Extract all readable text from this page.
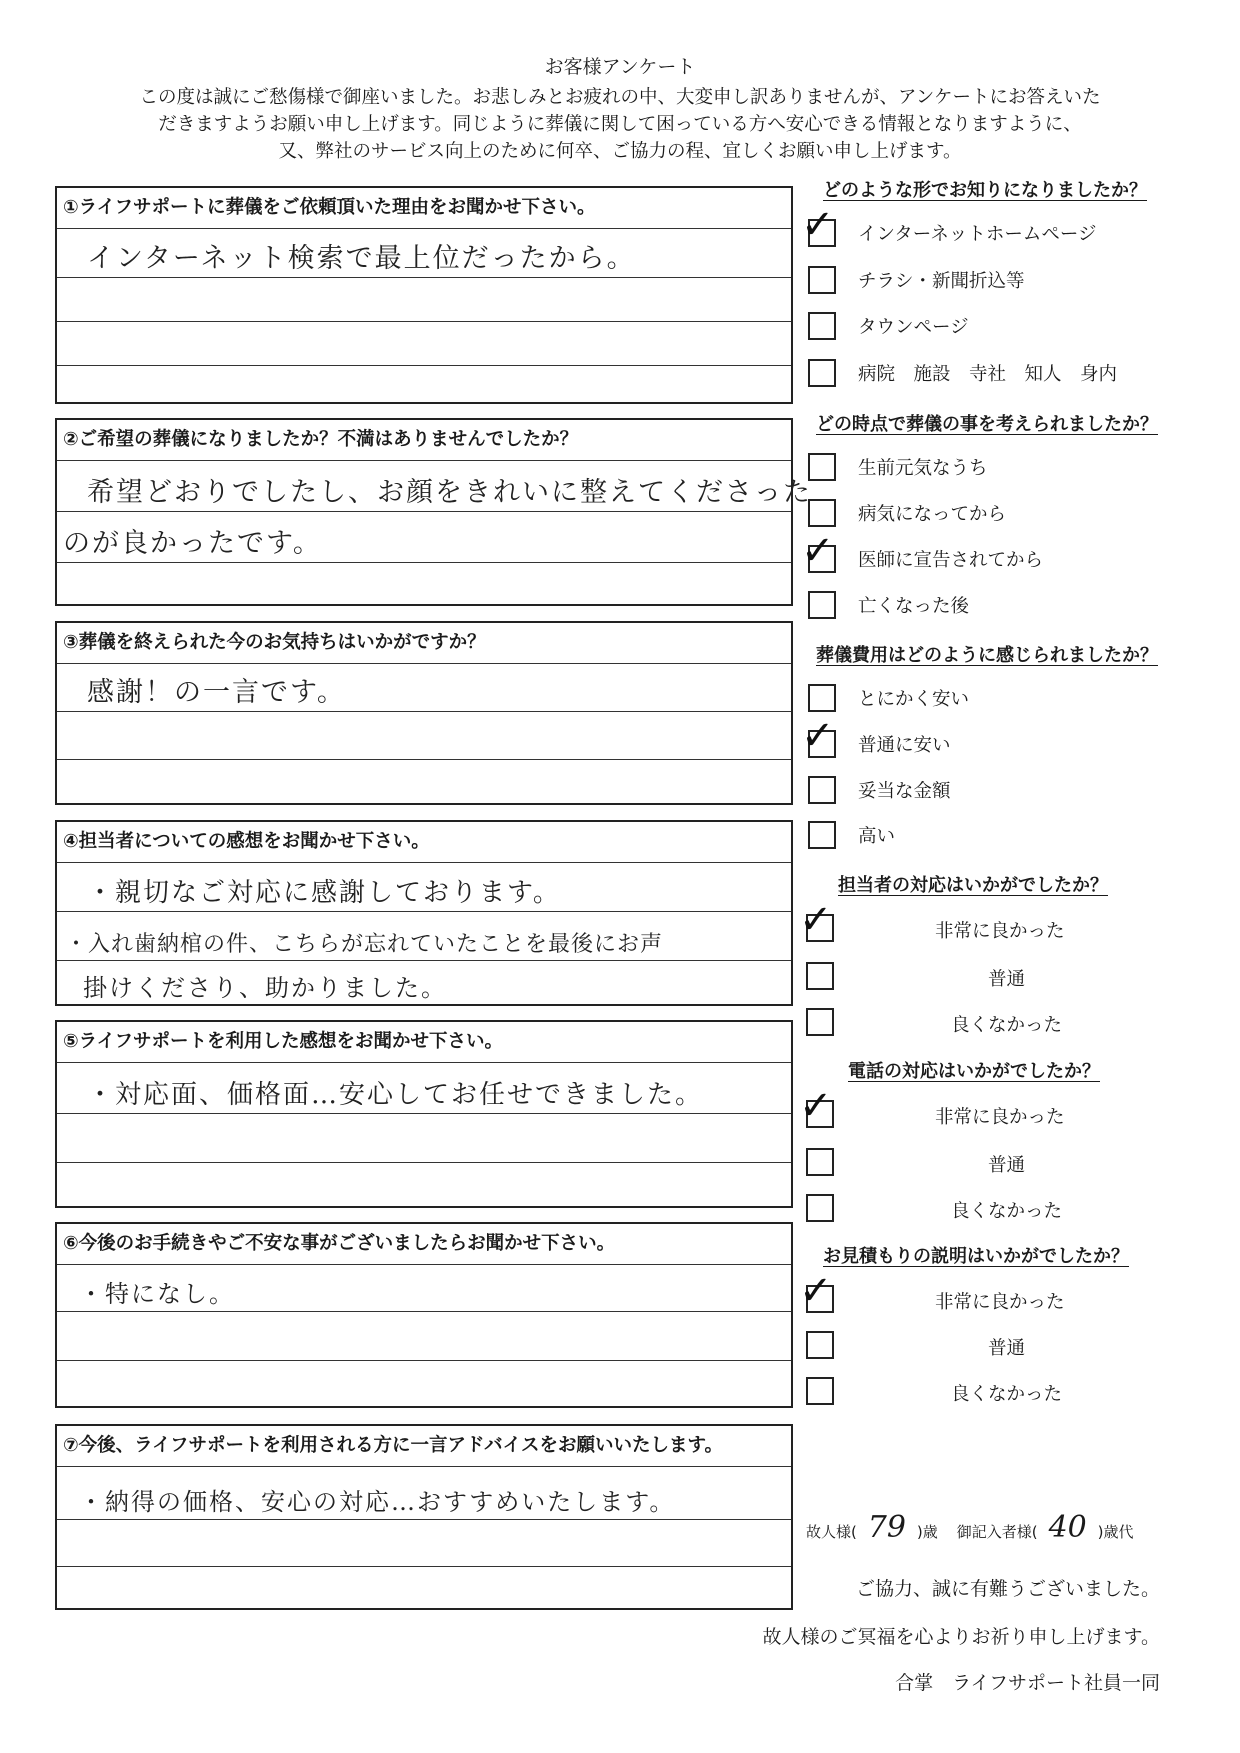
お客様アンケート
この度は誠にご愁傷様で御座いました。お悲しみとお疲れの中、大変申し訳ありませんが、アンケートにお答えいた
だきますようお願い申し上げます。同じように葬儀に関して困っている方へ安心できる情報となりますように、
又、弊社のサービス向上のために何卒、ご協力の程、宜しくお願い申し上げます。
①ライフサポートに葬儀をご依頼頂いた理由をお聞かせ下さい。
インターネット検索で最上位だったから。
②ご希望の葬儀になりましたか？不満はありませんでしたか？
希望どおりでしたし、お顔をきれいに整えてくださった
のが良かったです。
③葬儀を終えられた今のお気持ちはいかがですか？
感謝！の一言です。
④担当者についての感想をお聞かせ下さい。
・親切なご対応に感謝しております。
・入れ歯納棺の件、こちらが忘れていたことを最後にお声
掛けくださり、助かりました。
⑤ライフサポートを利用した感想をお聞かせ下さい。
・対応面、価格面…安心してお任せできました。
⑥今後のお手続きやご不安な事がございましたらお聞かせ下さい。
・特になし。
⑦今後、ライフサポートを利用される方に一言アドバイスをお願いいたします。
・納得の価格、安心の対応…おすすめいたします。
どのような形でお知りになりましたか？
✓ インターネットホームページ
チラシ・新聞折込等
タウンページ
病院　施設　寺社　知人　身内
どの時点で葬儀の事を考えられましたか？
生前元気なうち
病気になってから
✓ 医師に宣告されてから
亡くなった後
葬儀費用はどのように感じられましたか？
とにかく安い
✓ 普通に安い
妥当な金額
高い
担当者の対応はいかがでしたか？
✓	非常に良かった
普通
良くなかった
電話の対応はいかがでしたか？
✓	非常に良かった
普通
良くなかった
お見積もりの説明はいかがでしたか？
✓	非常に良かった
普通
良くなかった
故人様( 79 )歳 御記入者様( 40 )歳代
ご協力、誠に有難うございました。
故人様のご冥福を心よりお祈り申し上げます。
合掌　ライフサポート社員一同
